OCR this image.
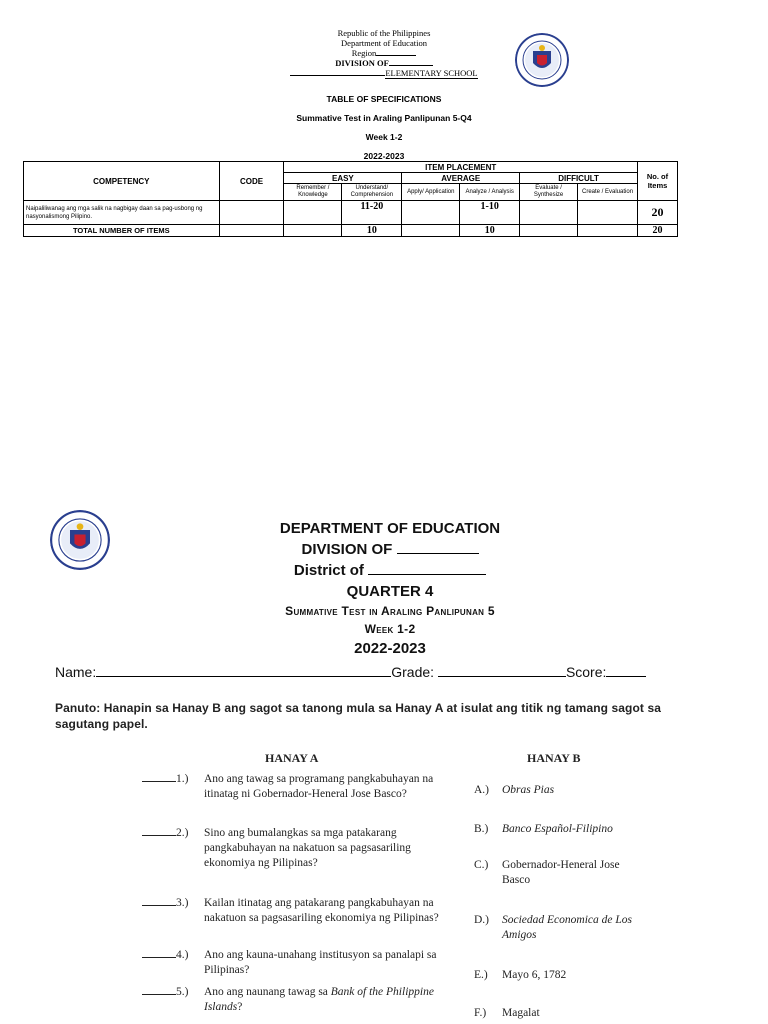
Republic of the Philippines
Department of Education
Region
DIVISION OF
ELEMENTARY SCHOOL
TABLE OF SPECIFICATIONS
Summative Test in Araling Panlipunan 5-Q4
Week 1-2
2022-2023
COMPETENCY	CODE	ITEM PLACEMENT						No. of Items
		EASY		AVERAGE		DIFFICULT		
		Remember / Knowledge	Understand/ Comprehension	Apply/ Application	Analyze / Analysis	Evaluate / Synthesize	Create / Evaluation	
Naipaliliwanag ang mga salik na nagbigay daan sa pag-usbong ng nasyonalismong Pilipino.			11-20		1-10			20
TOTAL NUMBER OF ITEMS			10		10			20
DEPARTMENT OF EDUCATION
DIVISION OF
District of
QUARTER 4
Summative Test in Araling Panlipunan 5
Week 1-2
2022-2023
Name:	Grade:	Score:
Panuto: Hanapin sa Hanay B ang sagot sa tanong mula sa Hanay A at isulat ang titik ng tamang sagot sa sagutang papel.
HANAY A	HANAY B
1.)	Ano ang tawag sa programang pangkabuhayan na itinatag ni Gobernador-Heneral Jose Basco?
2.)	Sino ang bumalangkas sa mga patakarang pangkabuhayan na nakatuon sa pagsasariling ekonomiya ng Pilipinas?
3.)	Kailan itinatag ang patakarang pangkabuhayan na nakatuon sa pagsasariling ekonomiya ng Pilipinas?
4.)	Ano ang kauna-unahang institusyon sa panalapi sa Pilipinas?
5.)	Ano ang naunang tawag sa Bank of the Philippine Islands?
A.) Obras Pias
B.) Banco Español-Filipino
C.) Gobernador-Heneral Jose Basco
D.) Sociedad Economica de Los Amigos
E.) Mayo 6, 1782
F.) Magalat
